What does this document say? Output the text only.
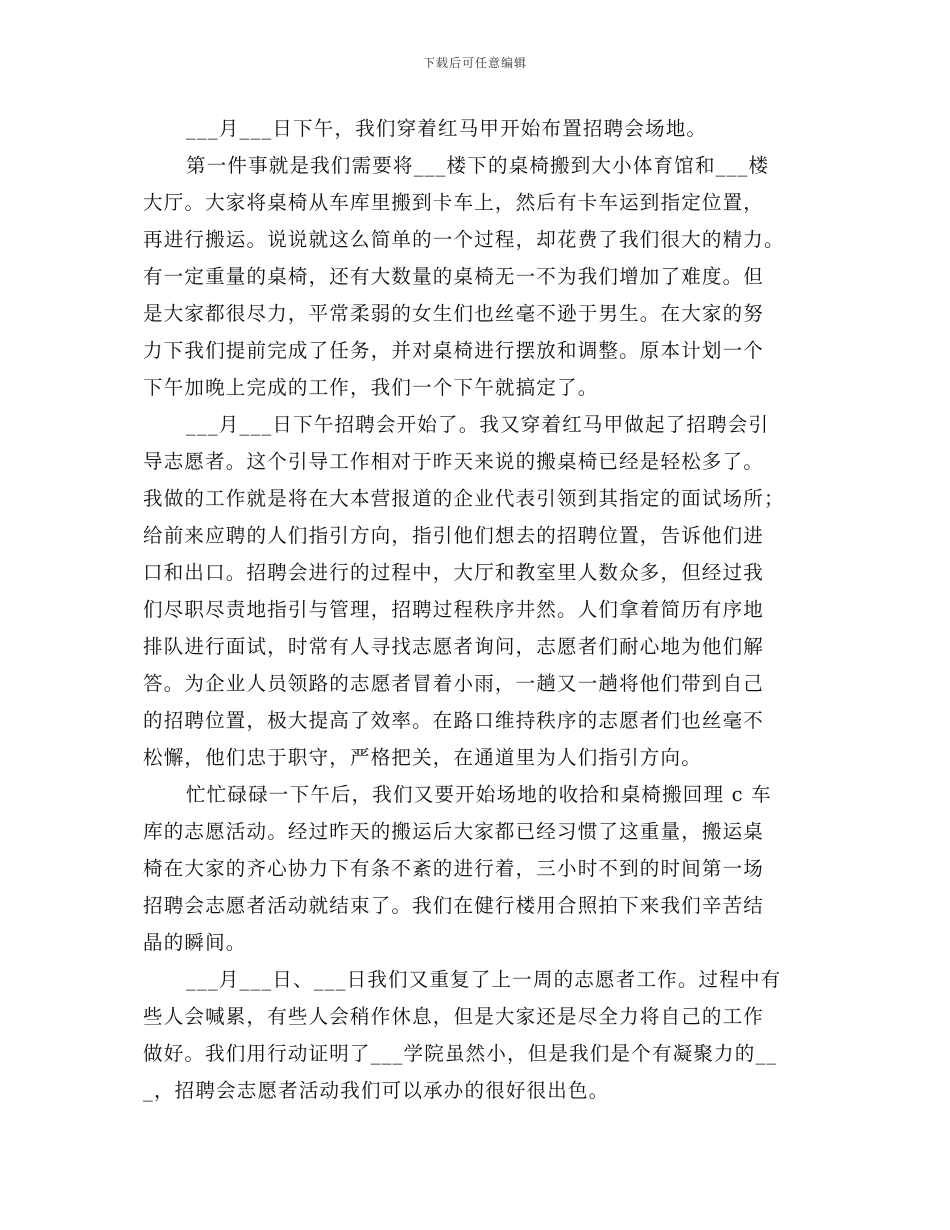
下载后可任意编辑
___月___日下午，我们穿着红马甲开始布置招聘会场地。
第一件事就是我们需要将___楼下的桌椅搬到大小体育馆和___楼
大厅。大家将桌椅从车库里搬到卡车上，然后有卡车运到指定位置，
再进行搬运。说说就这么简单的一个过程，却花费了我们很大的精力。
有一定重量的桌椅，还有大数量的桌椅无一不为我们增加了难度。但
是大家都很尽力，平常柔弱的女生们也丝毫不逊于男生。在大家的努
力下我们提前完成了任务，并对桌椅进行摆放和调整。原本计划一个
下午加晚上完成的工作，我们一个下午就搞定了。
___月___日下午招聘会开始了。我又穿着红马甲做起了招聘会引
导志愿者。这个引导工作相对于昨天来说的搬桌椅已经是轻松多了。
我做的工作就是将在大本营报道的企业代表引领到其指定的面试场所；
给前来应聘的人们指引方向，指引他们想去的招聘位置，告诉他们进
口和出口。招聘会进行的过程中，大厅和教室里人数众多，但经过我
们尽职尽责地指引与管理，招聘过程秩序井然。人们拿着简历有序地
排队进行面试，时常有人寻找志愿者询问，志愿者们耐心地为他们解
答。为企业人员领路的志愿者冒着小雨，一趟又一趟将他们带到自己
的招聘位置，极大提高了效率。在路口维持秩序的志愿者们也丝毫不
松懈，他们忠于职守，严格把关，在通道里为人们指引方向。
忙忙碌碌一下午后，我们又要开始场地的收拾和桌椅搬回理 c 车
库的志愿活动。经过昨天的搬运后大家都已经习惯了这重量，搬运桌
椅在大家的齐心协力下有条不紊的进行着，三小时不到的时间第一场
招聘会志愿者活动就结束了。我们在健行楼用合照拍下来我们辛苦结
晶的瞬间。
___月___日、___日我们又重复了上一周的志愿者工作。过程中有
些人会喊累，有些人会稍作休息，但是大家还是尽全力将自己的工作
做好。我们用行动证明了___学院虽然小，但是我们是个有凝聚力的__
_，招聘会志愿者活动我们可以承办的很好很出色。
